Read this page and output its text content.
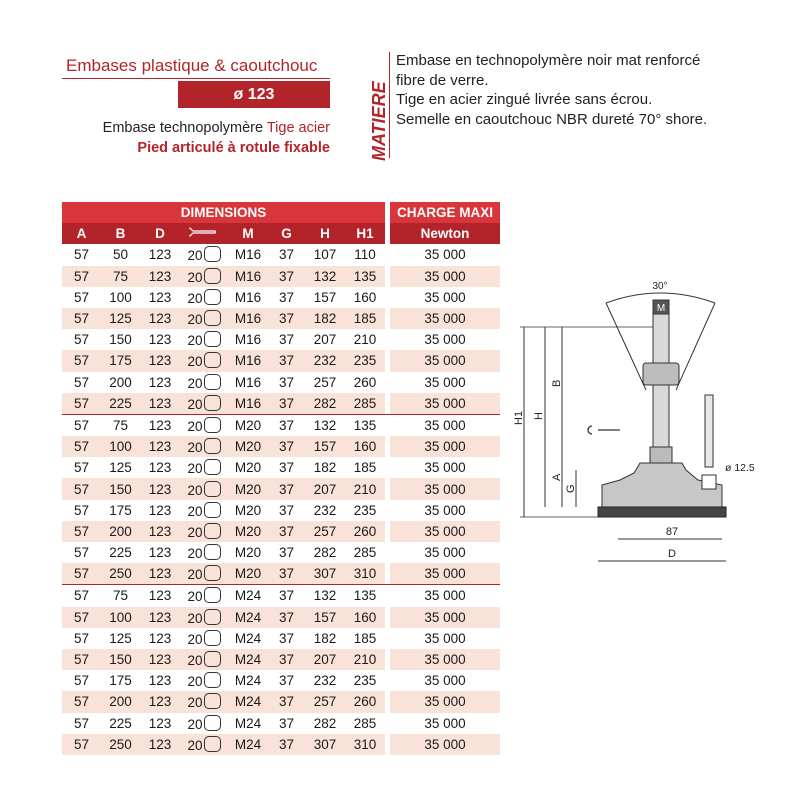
Embases plastique & caoutchouc
ø 123
Embase technopolymère Tige acier
Pied articulé à rotule fixable MATIERE
Embase en technopolymère noir mat renforcé
fibre de verre.
Tige en acier zingué livrée sans écrou.
Semelle en caoutchouc NBR dureté 70° shore.
DIMENSIONS									CHARGE MAXI
A	B	D		M	G	H	H1		Newton
57	50	123	20	M16	37	107	110		35 000
57	75	123	20	M16	37	132	135		35 000
57	100	123	20	M16	37	157	160		35 000
57	125	123	20	M16	37	182	185		35 000
57	150	123	20	M16	37	207	210		35 000
57	175	123	20	M16	37	232	235		35 000
57	200	123	20	M16	37	257	260		35 000
57	225	123	20	M16	37	282	285		35 000
57	75	123	20	M20	37	132	135		35 000
57	100	123	20	M20	37	157	160		35 000
57	125	123	20	M20	37	182	185		35 000
57	150	123	20	M20	37	207	210		35 000
57	175	123	20	M20	37	232	235		35 000
57	200	123	20	M20	37	257	260		35 000
57	225	123	20	M20	37	282	285		35 000
57	250	123	20	M20	37	307	310		35 000
57	75	123	20	M24	37	132	135		35 000
57	100	123	20	M24	37	157	160		35 000
57	125	123	20	M24	37	182	185		35 000
57	150	123	20	M24	37	207	210		35 000
57	175	123	20	M24	37	232	235		35 000
57	200	123	20	M24	37	257	260		35 000
57	225	123	20	M24	37	282	285		35 000
57	250	123	20	M24	37	307	310		35 000
30°
M
ø 12.5
H1 H
B
A
G
87
D
